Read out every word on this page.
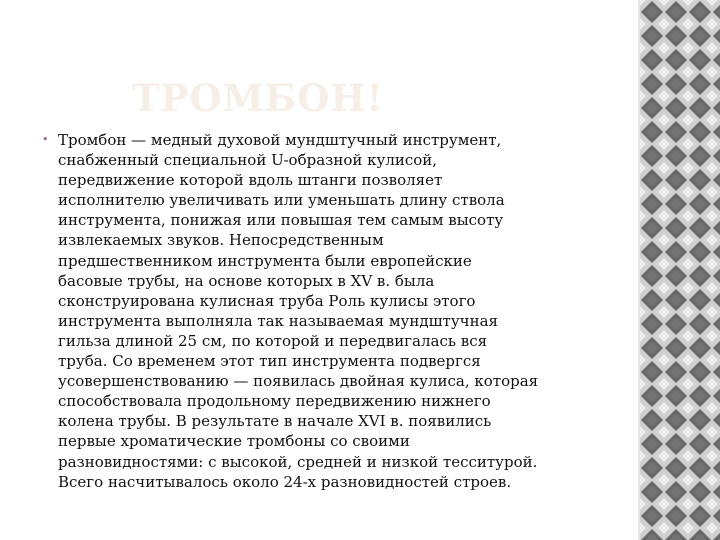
ТРОМБОН!
• Тромбон — медный духовой мундштучный инструмент,
снабженный специальной U-образной кулисой,
передвижение которой вдоль штанги позволяет
исполнителю увеличивать или уменьшать длину ствола
инструмента, понижая или повышая тем самым высоту
извлекаемых звуков. Непосредственным
предшественником инструмента были европейские
басовые трубы, на основе которых в XV в. была
сконструирована кулисная труба Роль кулисы этого
инструмента выполняла так называемая мундштучная
гильза длиной 25 см, по которой и передвигалась вся
труба. Со временем этот тип инструмента подвергся
усовершенствованию — появилась двойная кулиса, которая
способствовала продольному передвижению нижнего
колена трубы. В результате в начале XVI в. появились
первые хроматические тромбоны со своими
разновидностями: с высокой, средней и низкой тесситурой.
Всего насчитывалось около 24-х разновидностей строев.
